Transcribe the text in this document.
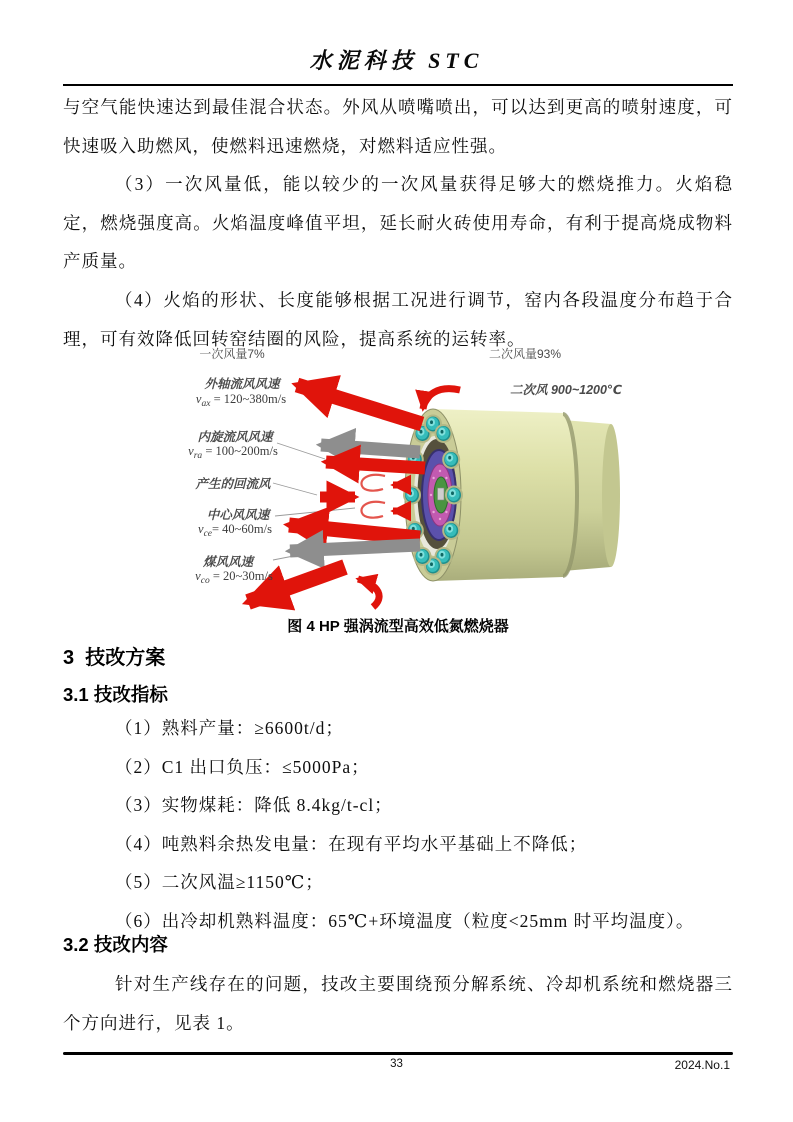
水泥科技 STC

与空气能快速达到最佳混合状态。外风从喷嘴喷出，可以达到更高的喷射速度，可快速吸入助燃风，使燃料迅速燃烧，对燃料适应性强。

（3）一次风量低，能以较少的一次风量获得足够大的燃烧推力。火焰稳定，燃烧强度高。火焰温度峰值平坦，延长耐火砖使用寿命，有利于提高烧成物料产质量。

（4）火焰的形状、长度能够根据工况进行调节，窑内各段温度分布趋于合理，可有效降低回转窑结圈的风险，提高系统的运转率。

一次风量7%	二次风量93%
外轴流风风速
$v_{ax}$ = 120~380m/s
二次风 900~1200℃
内旋流风风速
$v_{ra}$ = 100~200m/s
产生的回流风
中心风风速
$v_{ce}=$ 40~60m/s
煤风风速
$v_{co}$ = 20~30m/s
图 4 HP 强涡流型高效低氮燃烧器
3  技改方案
3.1 技改指标
（1）熟料产量：≥6600t/d；
（2）C1 出口负压：≤5000Pa；
（3）实物煤耗：降低 8.4kg/t-cl；
（4）吨熟料余热发电量：在现有平均水平基础上不降低；
（5）二次风温≥1150℃；
（6）出冷却机熟料温度：65℃+环境温度（粒度<25mm 时平均温度）。
3.2 技改内容

针对生产线存在的问题，技改主要围绕预分解系统、冷却机系统和燃烧器三个方向进行，见表 1。

33	2024.No.1
